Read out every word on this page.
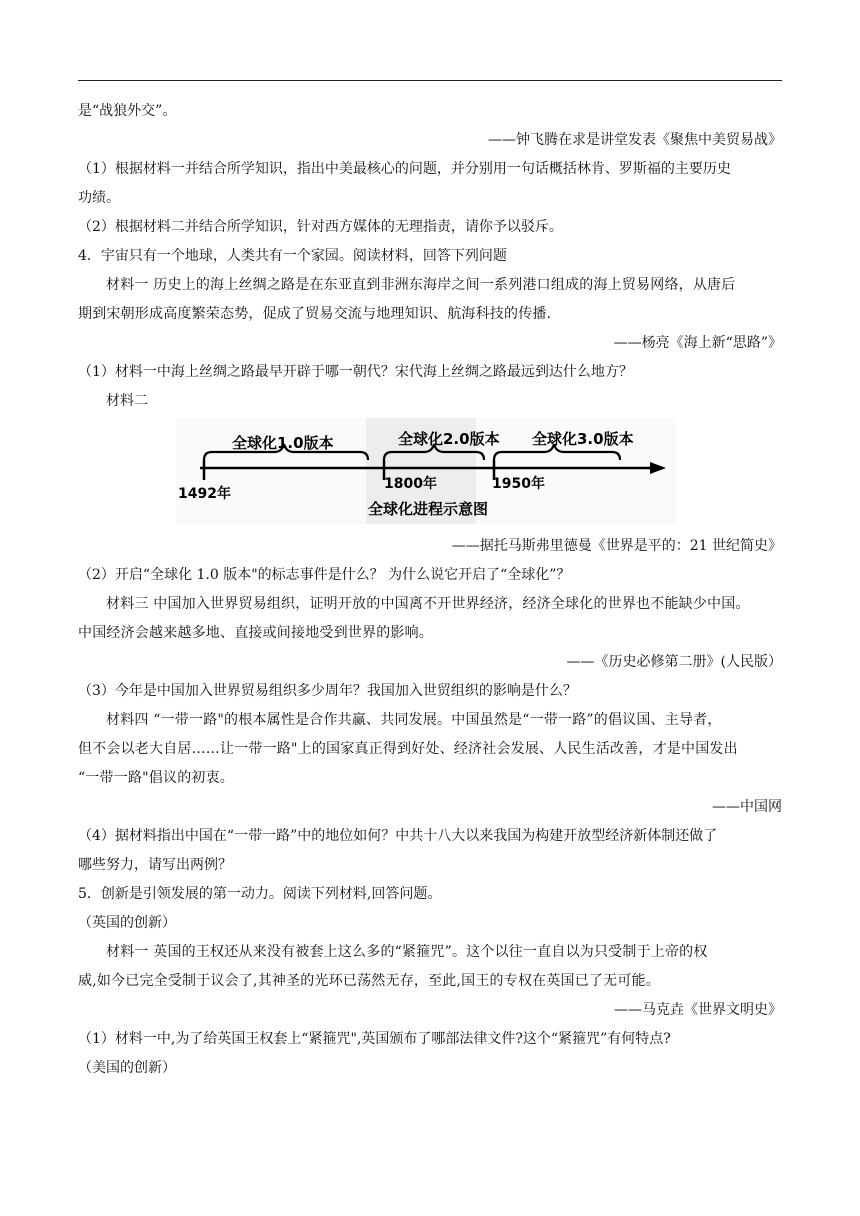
是“战狼外交”。
——钟飞腾在求是讲堂发表《聚焦中美贸易战》
（1）根据材料一并结合所学知识，指出中美最核心的问题，并分别用一句话概括林肯、罗斯福的主要历史
功绩。
（2）根据材料二并结合所学知识，针对西方媒体的无理指责，请你予以驳斥。
4．宇宙只有一个地球，人类共有一个家园。阅读材料，回答下列问题
材料一 历史上的海上丝绸之路是在东亚直到非洲东海岸之间一系列港口组成的海上贸易网络，从唐后
期到宋朝形成高度繁荣态势，促成了贸易交流与地理知识、航海科技的传播.
——杨亮《海上新“思路”》
（1）材料一中海上丝绸之路最早开辟于哪一朝代？宋代海上丝绸之路最远到达什么地方？
材料二
全球化1.0版本	全球化2.0版本 全球化3.0版本
1492年
1800年	1950年
全球化进程示意图
——据托马斯弗里德曼《世界是平的：21 世纪简史》
（2）开启“全球化 1.0 版本"的标志事件是什么？ 为什么说它开启了“全球化”？
材料三 中国加入世界贸易组织，证明开放的中国离不开世界经济，经济全球化的世界也不能缺少中国。
中国经济会越来越多地、直接或间接地受到世界的影响。
——《历史必修第二册》(人民版）
（3）今年是中国加入世界贸易组织多少周年？我国加入世贸组织的影响是什么？
材料四 “一带一路"的根本属性是合作共赢、共同发展。中国虽然是“一带一路”的倡议国、主导者，
但不会以老大自居……让一带一路"上的国家真正得到好处、经济社会发展、人民生活改善，才是中国发出
“一带一路"倡议的初衷。
——中国网
（4）据材料指出中国在“一带一路”中的地位如何？中共十八大以来我国为构建开放型经济新体制还做了
哪些努力，请写出两例？
5．创新是引领发展的第一动力。阅读下列材料,回答问题。
（英国的创新）
材料一 英国的王权还从来没有被套上这么多的“紧箍咒”。这个以往一直自以为只受制于上帝的权
威,如今已完全受制于议会了,其神圣的光环已荡然无存，至此,国王的专权在英国已了无可能。
——马克垚《世界文明史》
（1）材料一中,为了给英国王权套上“紧箍咒",英国颁布了哪部法律文件?这个“紧箍咒”有何特点?
（美国的创新）
